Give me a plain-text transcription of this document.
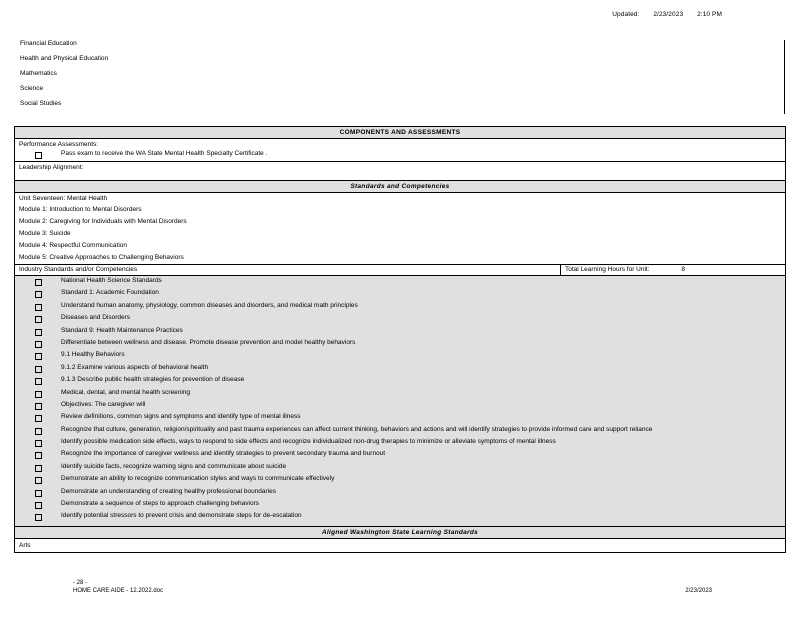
Updated: 2/23/2023 2:10 PM
Financial Education
Health and Physical Education
Mathematics
Science
Social Studies
COMPONENTS AND ASSESSMENTS
Performance Assessments:
Pass exam to receive the WA State Mental Health Specialty Certificate .
Leadership Alignment:
Standards and Competencies
Unit Seventeen: Mental Health
Module 1: Introduction to Mental Disorders
Module 2: Caregiving for Individuals with Mental Disorders
Module 3: Suicide
Module 4: Respectful Communication
Module 5: Creative Approaches to Challenging Behaviors
Industry Standards and/or Competencies	Total Learning Hours for Unit:	8
National Health Science Standards
Standard 1: Academic Foundation
Understand human anatomy, physiology, common diseases and disorders, and medical math principles
Diseases and Disorders
Standard 9: Health Maintenance Practices
Differentiate between wellness and disease. Promote disease prevention and model healthy behaviors
9.1 Healthy Behaviors
9.1.2 Examine various aspects of behavioral health
9.1.3 Describe public health strategies for prevention of disease
Medical, dental, and mental health screening
Objectives: The caregiver will
Review definitions, common signs and symptoms and identify type of mental illness
Recognize that culture, generation, religion/spirituality and past trauma experiences can affect current thinking, behaviors and actions and will identify strategies to provide informed care and support reliance
Identify possible medication side effects, ways to respond to side effects and recognize individualized non-drug therapies to minimize or alleviate symptoms of mental illness
Recognize the importance of caregiver wellness and identify strategies to prevent secondary trauma and burnout
Identify suicide facts, recognize warning signs and communicate about suicide
Demonstrate an ability to recognize communication styles and ways to communicate effectively
Demonstrate an understanding of creating healthy professional boundaries
Demonstrate a sequence of steps to approach challenging behaviors
Identify potential stressors to prevent crisis and demonstrate steps for de-escalation
Aligned Washington State Learning Standards
Arts
- 28 -
HOME CARE AIDE - 12.2022.doc	2/23/2023
